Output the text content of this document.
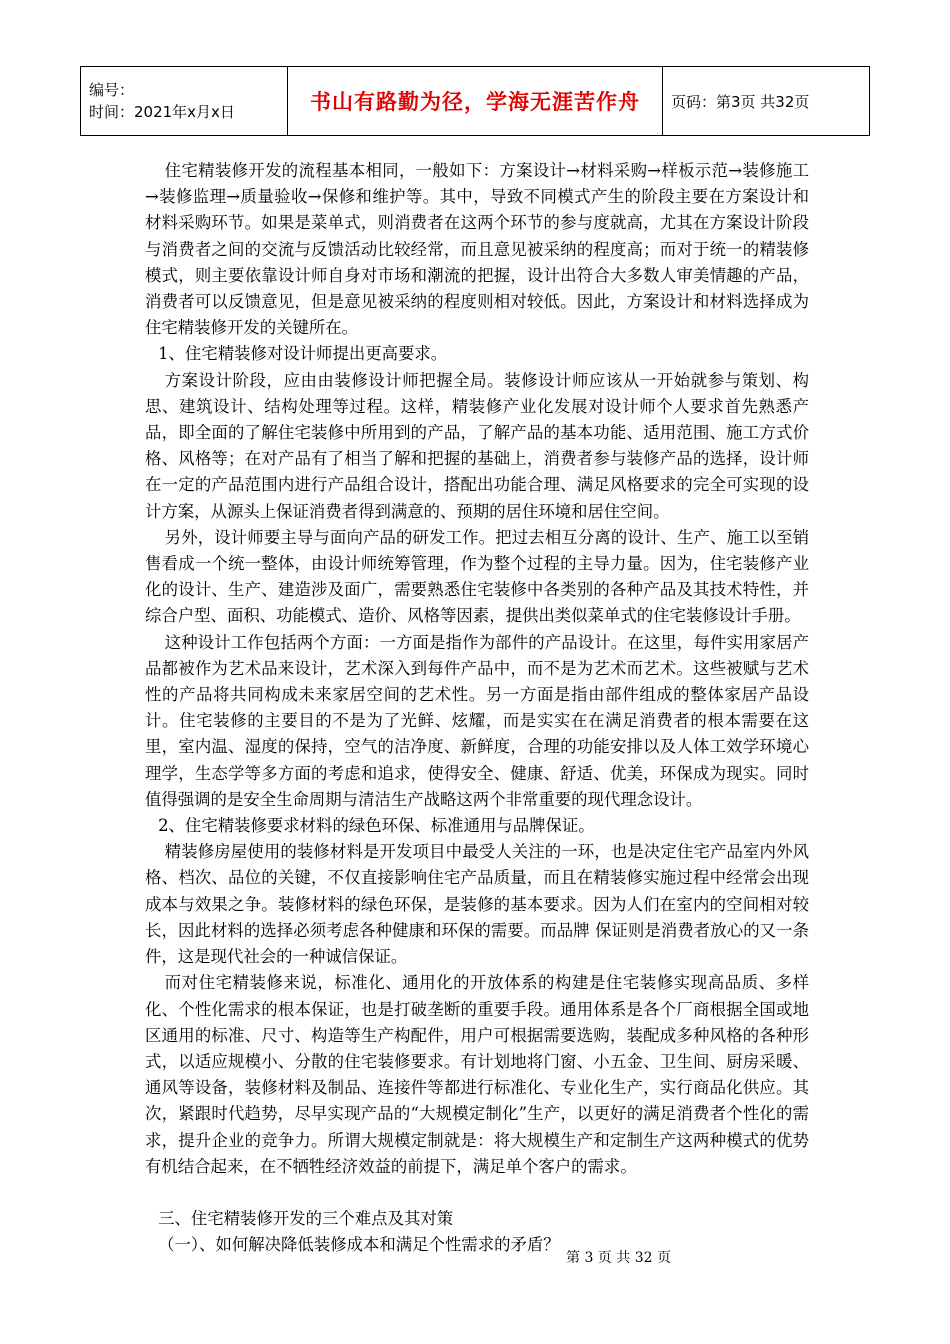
编号：
时间：2021年x月x日	书山有路勤为径，学海无涯苦作舟	页码：第3页 共32页

住宅精装修开发的流程基本相同，一般如下：方案设计→材料采购→样板示范→装修施工→装修监理→质量验收→保修和维护等。其中，导致不同模式产生的阶段主要在方案设计和材料采购环节。如果是菜单式，则消费者在这两个环节的参与度就高，尤其在方案设计阶段与消费者之间的交流与反馈活动比较经常，而且意见被采纳的程度高；而对于统一的精装修模式，则主要依靠设计师自身对市场和潮流的把握，设计出符合大多数人审美情趣的产品，消费者可以反馈意见，但是意见被采纳的程度则相对较低。因此，方案设计和材料选择成为住宅精装修开发的关键所在。

1、住宅精装修对设计师提出更高要求。

方案设计阶段，应由由装修设计师把握全局。装修设计师应该从一开始就参与策划、构思、建筑设计、结构处理等过程。这样，精装修产业化发展对设计师个人要求首先熟悉产品，即全面的了解住宅装修中所用到的产品，了解产品的基本功能、适用范围、施工方式价格、风格等；在对产品有了相当了解和把握的基础上，消费者参与装修产品的选择，设计师在一定的产品范围内进行产品组合设计，搭配出功能合理、满足风格要求的完全可实现的设计方案，从源头上保证消费者得到满意的、预期的居住环境和居住空间。

另外，设计师要主导与面向产品的研发工作。把过去相互分离的设计、生产、施工以至销售看成一个统一整体，由设计师统筹管理，作为整个过程的主导力量。因为，住宅装修产业化的设计、生产、建造涉及面广，需要熟悉住宅装修中各类别的各种产品及其技术特性，并综合户型、面积、功能模式、造价、风格等因素，提供出类似菜单式的住宅装修设计手册。

这种设计工作包括两个方面：一方面是指作为部件的产品设计。在这里，每件实用家居产品都被作为艺术品来设计，艺术深入到每件产品中，而不是为艺术而艺术。这些被赋与艺术性的产品将共同构成未来家居空间的艺术性。另一方面是指由部件组成的整体家居产品设计。住宅装修的主要目的不是为了光鲜、炫耀，而是实实在在满足消费者的根本需要在这里，室内温、湿度的保持，空气的洁净度、新鲜度，合理的功能安排以及人体工效学环境心理学，生态学等多方面的考虑和追求，使得安全、健康、舒适、优美，环保成为现实。同时值得强调的是安全生命周期与清洁生产战略这两个非常重要的现代理念设计。

2、住宅精装修要求材料的绿色环保、标准通用与品牌保证。

精装修房屋使用的装修材料是开发项目中最受人关注的一环，也是决定住宅产品室内外风格、档次、品位的关键，不仅直接影响住宅产品质量，而且在精装修实施过程中经常会出现成本与效果之争。装修材料的绿色环保，是装修的基本要求。因为人们在室内的空间相对较长，因此材料的选择必须考虑各种健康和环保的需要。而品牌 保证则是消费者放心的又一条件，这是现代社会的一种诚信保证。

而对住宅精装修来说，标准化、通用化的开放体系的构建是住宅装修实现高品质、多样化、个性化需求的根本保证，也是打破垄断的重要手段。通用体系是各个厂商根据全国或地区通用的标准、尺寸、构造等生产构配件，用户可根据需要选购，装配成多种风格的各种形式，以适应规模小、分散的住宅装修要求。有计划地将门窗、小五金、卫生间、厨房采暖、通风等设备，装修材料及制品、连接件等都进行标准化、专业化生产，实行商品化供应。其次，紧跟时代趋势，尽早实现产品的“大规模定制化”生产，以更好的满足消费者个性化的需求，提升企业的竞争力。所谓大规模定制就是：将大规模生产和定制生产这两种模式的优势有机结合起来，在不牺牲经济效益的前提下，满足单个客户的需求。

三、住宅精装修开发的三个难点及其对策

（一）、如何解决降低装修成本和满足个性需求的矛盾？

第 3 页 共 32 页
